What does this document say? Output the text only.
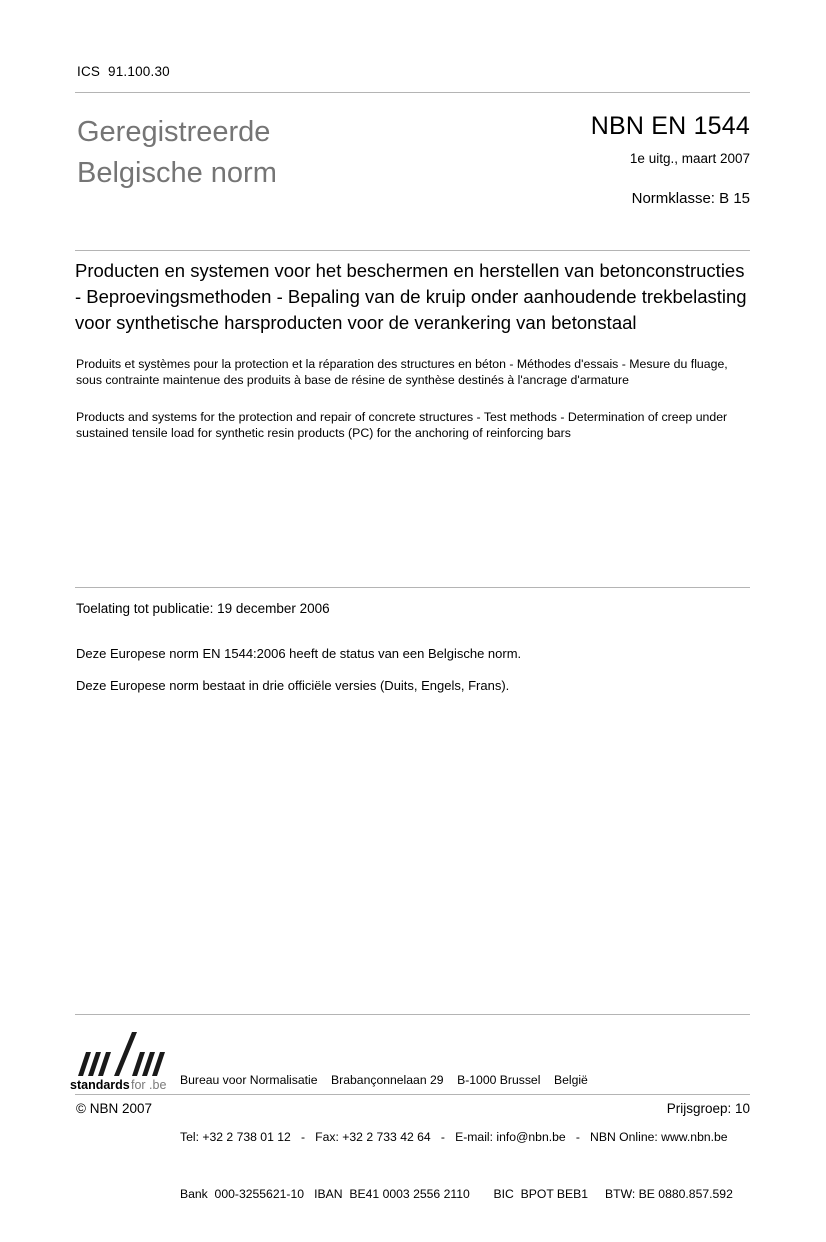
ICS 91.100.30
Geregistreerde
Belgische norm
NBN EN 1544
1e uitg., maart 2007
Normklasse: B 15
Producten en systemen voor het beschermen en herstellen van betonconstructies - Beproevingsmethoden - Bepaling van de kruip onder aanhoudende trekbelasting voor synthetische harsproducten voor de verankering van betonstaal
Produits et systèmes pour la protection et la réparation des structures en béton - Méthodes d'essais - Mesure du fluage, sous contrainte maintenue des produits à base de résine de synthèse destinés à l'ancrage d'armature
Products and systems for the protection and repair of concrete structures - Test methods - Determination of creep under sustained tensile load for synthetic resin products (PC) for the anchoring of reinforcing bars
Toelating tot publicatie: 19 december 2006
Deze Europese norm EN 1544:2006 heeft de status van een Belgische norm.
Deze Europese norm bestaat in drie officiële versies (Duits, Engels, Frans).
standards for .be

Bureau voor Normalisatie    Brabançonnelaan 29    B-1000 Brussel    België

Tel: +32 2 738 01 12   -   Fax: +32 2 733 42 64   -   E-mail: info@nbn.be   -   NBN Online: www.nbn.be

Bank  000-3255621-10   IBAN  BE41 0003 2556 2110       BIC  BPOT BEB1     BTW: BE 0880.857.592

© NBN 2007	Prijsgroep: 10
